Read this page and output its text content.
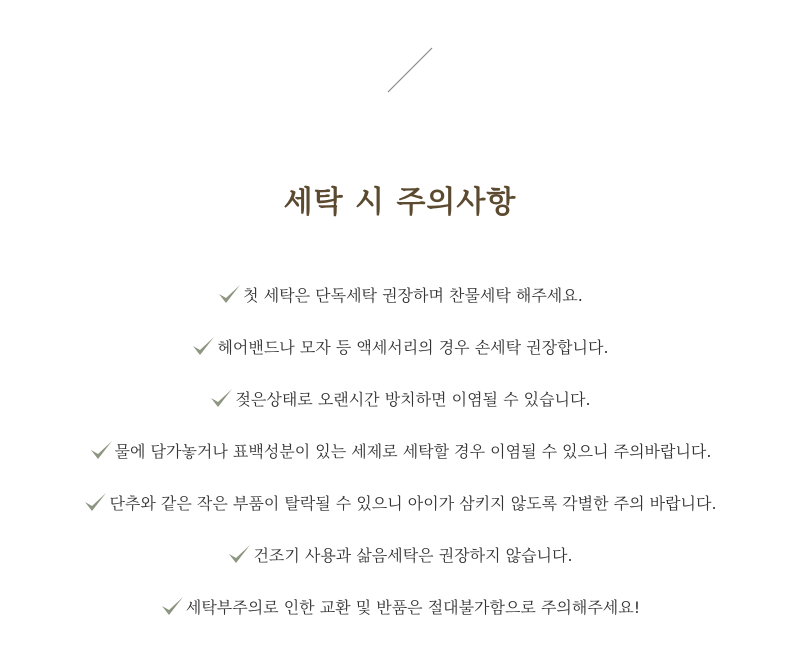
세탁 시 주의사항
첫 세탁은 단독세탁 권장하며 찬물세탁 해주세요.
헤어밴드나 모자 등 액세서리의 경우 손세탁 권장합니다.
젖은상태로 오랜시간 방치하면 이염될 수 있습니다.
물에 담가놓거나 표백성분이 있는 세제로 세탁할 경우 이염될 수 있으니 주의바랍니다.
단추와 같은 작은 부품이 탈락될 수 있으니 아이가 삼키지 않도록 각별한 주의 바랍니다.
건조기 사용과 삶음세탁은 권장하지 않습니다.
세탁부주의로 인한 교환 및 반품은 절대불가함으로 주의해주세요!
